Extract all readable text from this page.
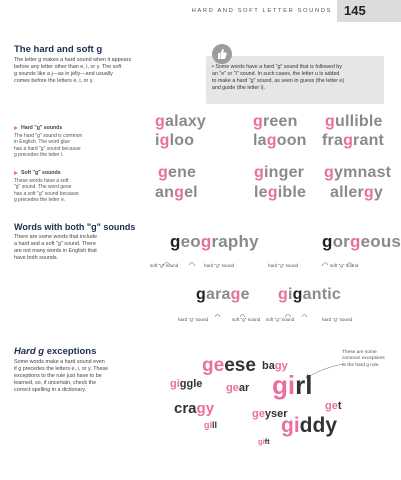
HARD AND SOFT LETTER SOUNDS 145
The hard and soft g
The letter g makes a hard sound when it appears
before any letter other than e, i, or y. The soft
g sounds like a j—as in jelly—and usually
comes before the letters e, i, or y.
• Some words have a hard "g" sound that is followed by
an "e" or "i" sound. In such cases, the letter u is added
to make a hard "g" sound, as seen in guess (the letter e)
and guide (the letter i).
Hard "g" sounds
The hard "g" sound is common
in English. The word glue
has a hard "g" sound because
g precedes the letter l.
galaxy	green gullible
igloo	lagoon fragrant
Soft "g" sounds
These words have a soft
"g" sound. The word gene
has a soft "g" sound because
g precedes the letter e.
gene	ginger gymnast
angel	legible allergy
Words with both "g" sounds
There are some words that include
a hard and a soft "g" sound. There
are not many words in English that
have both sounds.
geography	gorgeous
soft "g" sound	hard "g" sound	hard "g" sound	soft "g" sound
garage gigantic
hard "g" sound	soft "g" sound soft "g" sound	hard "g" sound
Hard g exceptions
Some words make a hard sound even
if g precedes the letters e, i, or y. These
exceptions to the rule just have to be
learned, so, if uncertain, check the
correct spelling in a dictionary.
These are some
common exceptions
to the hard g rule.
geese bagy
giggle gear girl
cragy	get
geyser
gill	giddy
gift
